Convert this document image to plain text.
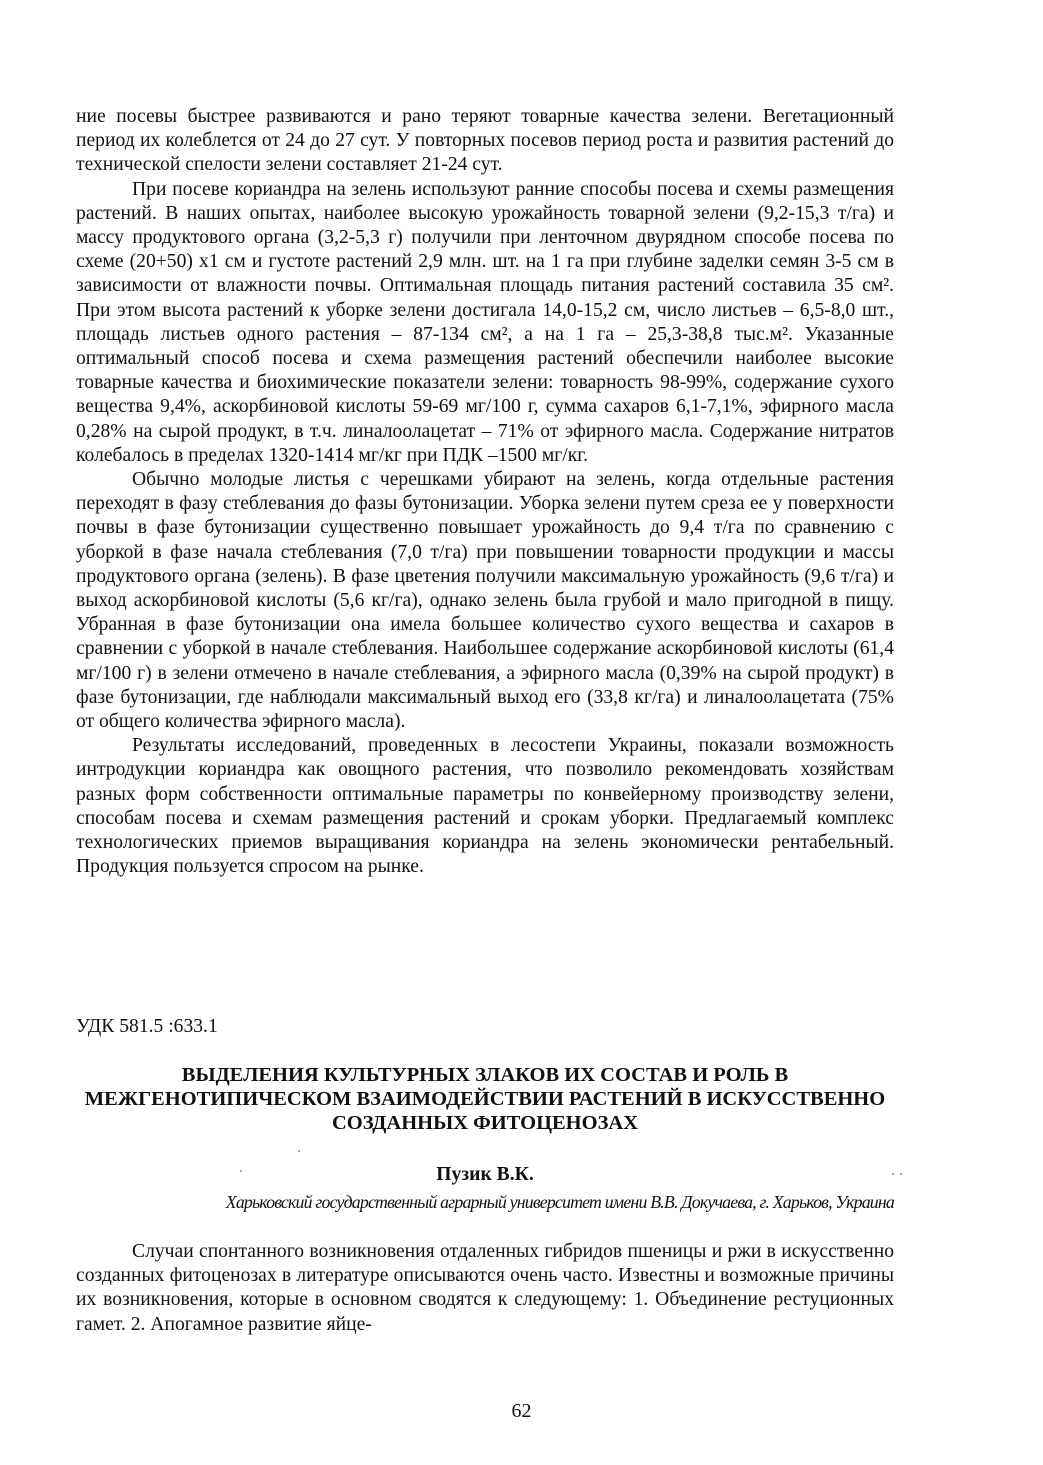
ние посевы быстрее развиваются и рано теряют товарные качества зелени. Вегетационный период их колеблется от 24 до 27 сут. У повторных посевов период роста и развития растений до технической спелости зелени составляет 21-24 сут.

При посеве кориандра на зелень используют ранние способы посева и схемы размещения растений. В наших опытах, наиболее высокую урожайность товарной зелени (9,2-15,3 т/га) и массу продуктового органа (3,2-5,3 г) получили при ленточном двурядном способе посева по схеме (20+50) х1 см и густоте растений 2,9 млн. шт. на 1 га при глубине заделки семян 3-5 см в зависимости от влажности почвы. Оптимальная площадь питания растений составила 35 см². При этом высота растений к уборке зелени достигала 14,0-15,2 см, число листьев – 6,5-8,0 шт., площадь листьев одного растения – 87-134 см², а на 1 га – 25,3-38,8 тыс.м². Указанные оптимальный способ посева и схема размещения растений обеспечили наиболее высокие товарные качества и биохимические показатели зелени: товарность 98-99%, содержание сухого вещества 9,4%, аскорбиновой кислоты 59-69 мг/100 г, сумма сахаров 6,1-7,1%, эфирного масла 0,28% на сырой продукт, в т.ч. линалоолацетат – 71% от эфирного масла. Содержание нитратов колебалось в пределах 1320-1414 мг/кг при ПДК –1500 мг/кг.

Обычно молодые листья с черешками убирают на зелень, когда отдельные растения переходят в фазу стеблевания до фазы бутонизации. Уборка зелени путем среза ее у поверхности почвы в фазе бутонизации существенно повышает урожайность до 9,4 т/га по сравнению с уборкой в фазе начала стеблевания (7,0 т/га) при повышении товарности продукции и массы продуктового органа (зелень). В фазе цветения получили максимальную урожайность (9,6 т/га) и выход аскорбиновой кислоты (5,6 кг/га), однако зелень была грубой и мало пригодной в пищу. Убранная в фазе бутонизации она имела большее количество сухого вещества и сахаров в сравнении с уборкой в начале стеблевания. Наибольшее содержание аскорбиновой кислоты (61,4 мг/100 г) в зелени отмечено в начале стеблевания, а эфирного масла (0,39% на сырой продукт) в фазе бутонизации, где наблюдали максимальный выход его (33,8 кг/га) и линалоолацетата (75% от общего количества эфирного масла).

Результаты исследований, проведенных в лесостепи Украины, показали возможность интродукции кориандра как овощного растения, что позволило рекомендовать хозяйствам разных форм собственности оптимальные параметры по конвейерному производству зелени, способам посева и схемам размещения растений и срокам уборки. Предлагаемый комплекс технологических приемов выращивания кориандра на зелень экономически рентабельный. Продукция пользуется спросом на рынке.

УДК 581.5 :633.1

ВЫДЕЛЕНИЯ КУЛЬТУРНЫХ ЗЛАКОВ ИХ СОСТАВ И РОЛЬ В МЕЖГЕНОТИПИЧЕСКОМ ВЗАИМОДЕЙСТВИИ РАСТЕНИЙ В ИСКУССТВЕННО СОЗДАННЫХ ФИТОЦЕНОЗАХ

Пузик В.К.

Харьковский государственный аграрный университет имени В.В. Докучаева, г. Харьков, Украина

Случаи спонтанного возникновения отдаленных гибридов пшеницы и ржи в искусственно созданных фитоценозах в литературе описываются очень часто. Известны и возможные причины их возникновения, которые в основном сводятся к следующему: 1. Объединение рестуционных гамет. 2. Апогамное развитие яйце-

62
